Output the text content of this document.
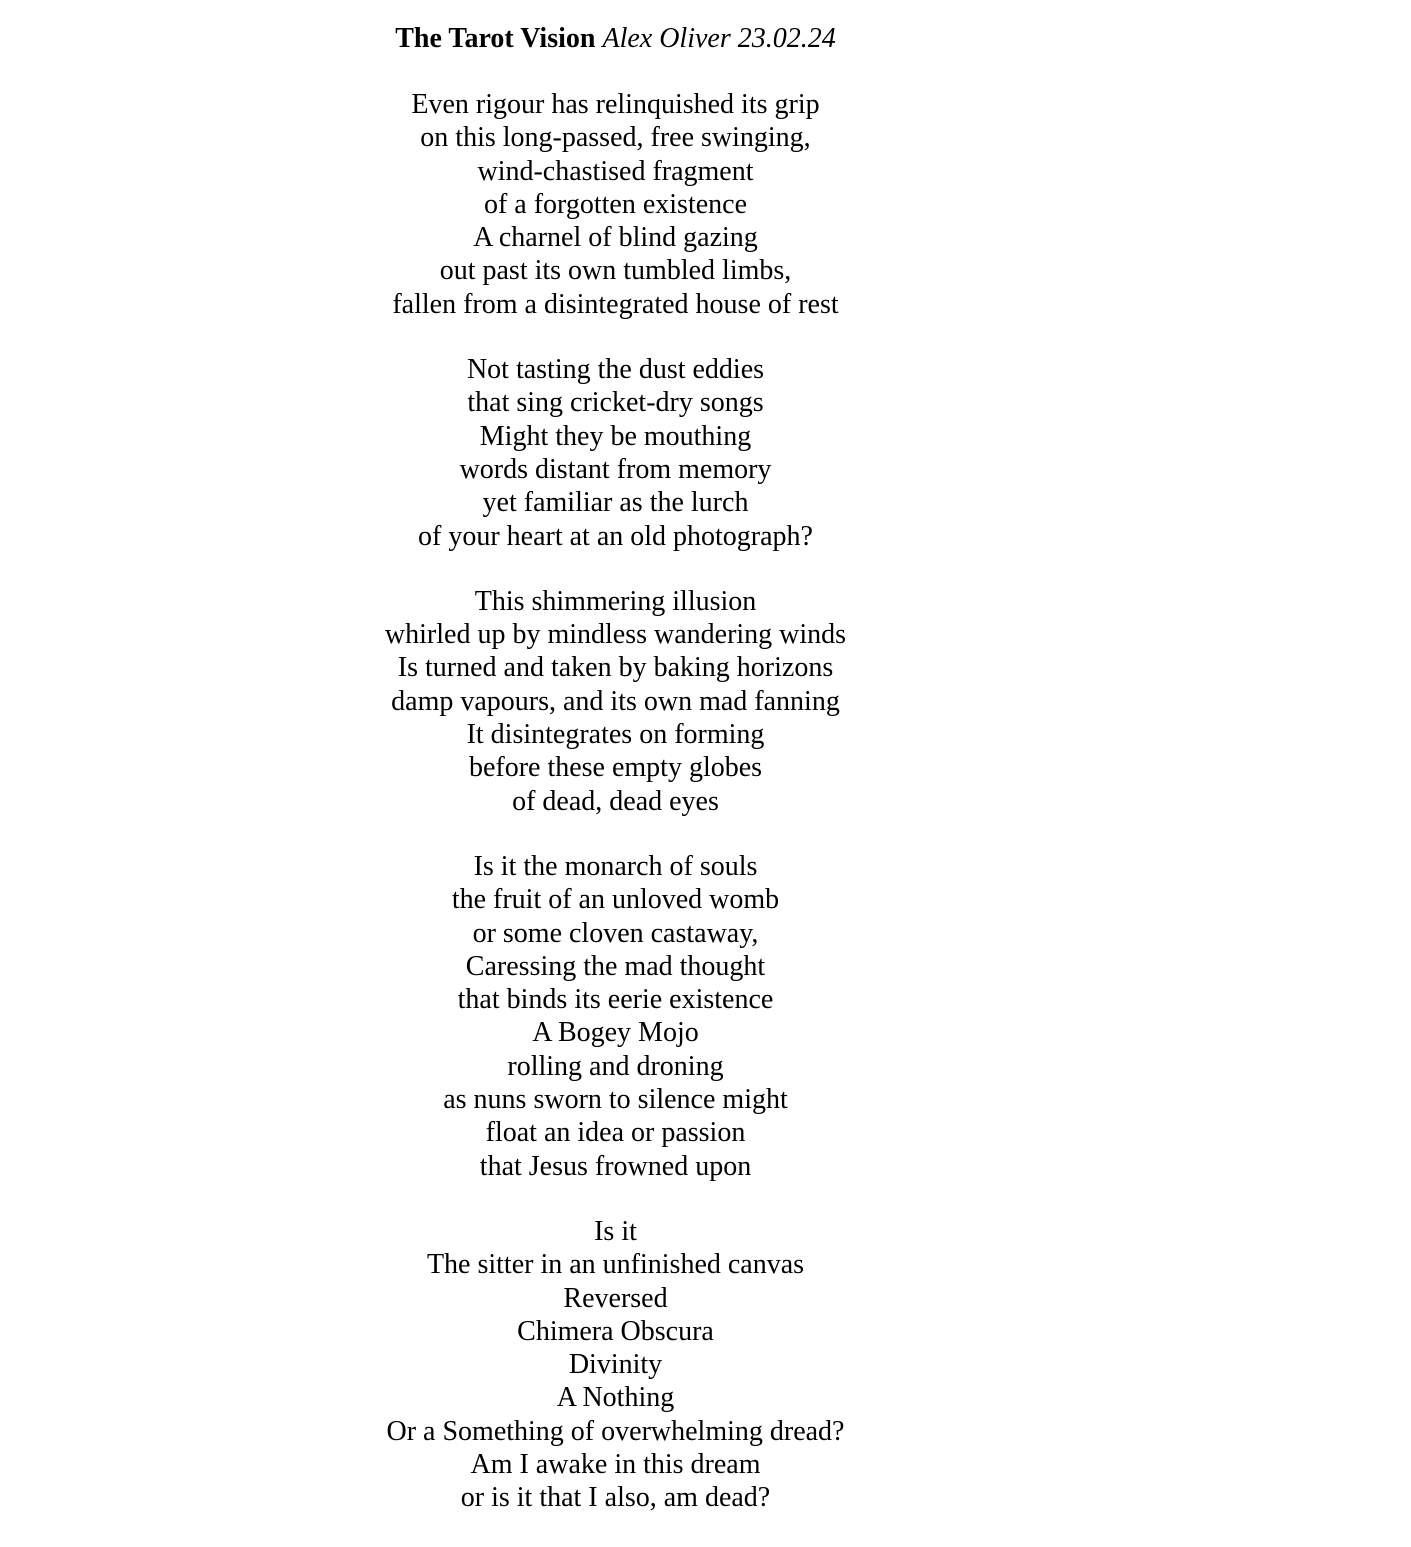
The Tarot Vision Alex Oliver 23.02.24
Even rigour has relinquished its grip
on this long-passed, free swinging,
wind-chastised fragment
of a forgotten existence
A charnel of blind gazing
out past its own tumbled limbs,
fallen from a disintegrated house of rest
Not tasting the dust eddies
that sing cricket-dry songs
Might they be mouthing
words distant from memory
yet familiar as the lurch
of your heart at an old photograph?
This shimmering illusion
whirled up by mindless wandering winds
Is turned and taken by baking horizons
damp vapours, and its own mad fanning
It disintegrates on forming
before these empty globes
of dead, dead eyes
Is it the monarch of souls
the fruit of an unloved womb
or some cloven castaway,
Caressing the mad thought
that binds its eerie existence
A Bogey Mojo
rolling and droning
as nuns sworn to silence might
float an idea or passion
that Jesus frowned upon
Is it
The sitter in an unfinished canvas
Reversed
Chimera Obscura
Divinity
A Nothing
Or a Something of overwhelming dread?
Am I awake in this dream
or is it that I also, am dead?
